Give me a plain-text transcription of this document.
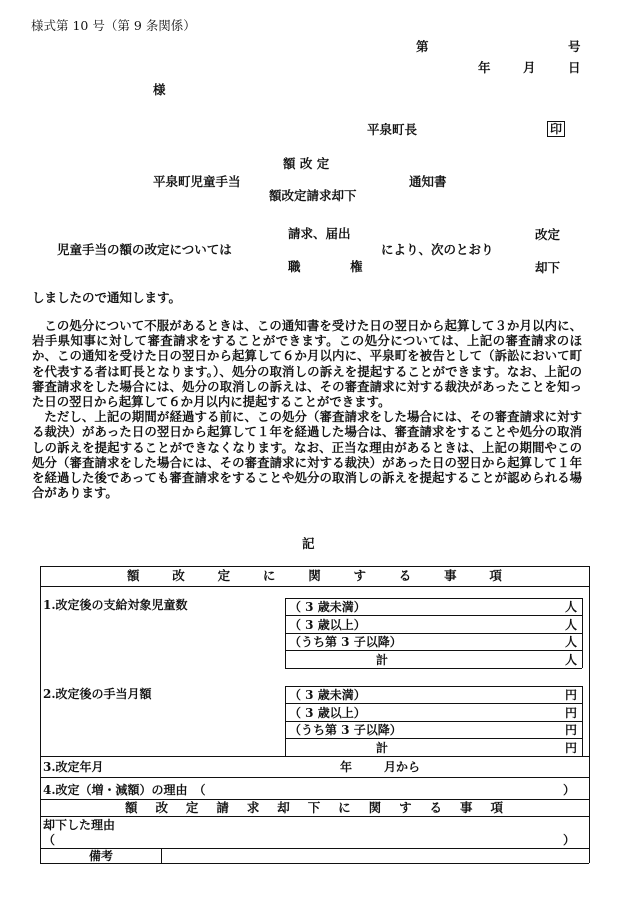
様式第 10 号（第 9 条関係）
第	号
年	月	日
様
平泉町長	印
額 改 定
平泉町児童手当	通知書
額改定請求却下
請求、届出	改定
児童手当の額の改定については	により、次のとおり
職	権	却下
しましたので通知します。

この処分について不服があるときは、この通知書を受けた日の翌日から起算して３か月以内に、岩手県知事に対して審査請求をすることができます。この処分については、上記の審査請求のほか、この通知を受けた日の翌日から起算して６か月以内に、平泉町を被告として（訴訟において町を代表する者は町長となります。）、処分の取消しの訴えを提起することができます。なお、上記の審査請求をした場合には、処分の取消しの訴えは、その審査請求に対する裁決があったことを知った日の翌日から起算して６か月以内に提起することができます。

ただし、上記の期間が経過する前に、この処分（審査請求をした場合には、その審査請求に対する裁決）があった日の翌日から起算して１年を経過した場合は、審査請求をすることや処分の取消しの訴えを提起することができなくなります。なお、正当な理由があるときは、上記の期間やこの処分（審査請求をした場合には、その審査請求に対する裁決）があった日の翌日から起算して１年を経過した後であっても審査請求をすることや処分の取消しの訴えを提起することが認められる場合があります。

記
額	改	定	に	関	す	る	事	項
1.改定後の支給対象児童数	（ 3 歳未満）	人
（ 3 歳以上）	人
（うち第 3 子以降）	人
計	人
2.改定後の手当月額	（ 3 歳未満）	円
（ 3 歳以上）	円
（うち第 3 子以降）	円
計	円
3.改定年月	年	月から
4.改定（増・減額）の理由　（	）
額 改 定 請 求 却 下 に 関 す る 事 項
却下した理由
（	）
備考
